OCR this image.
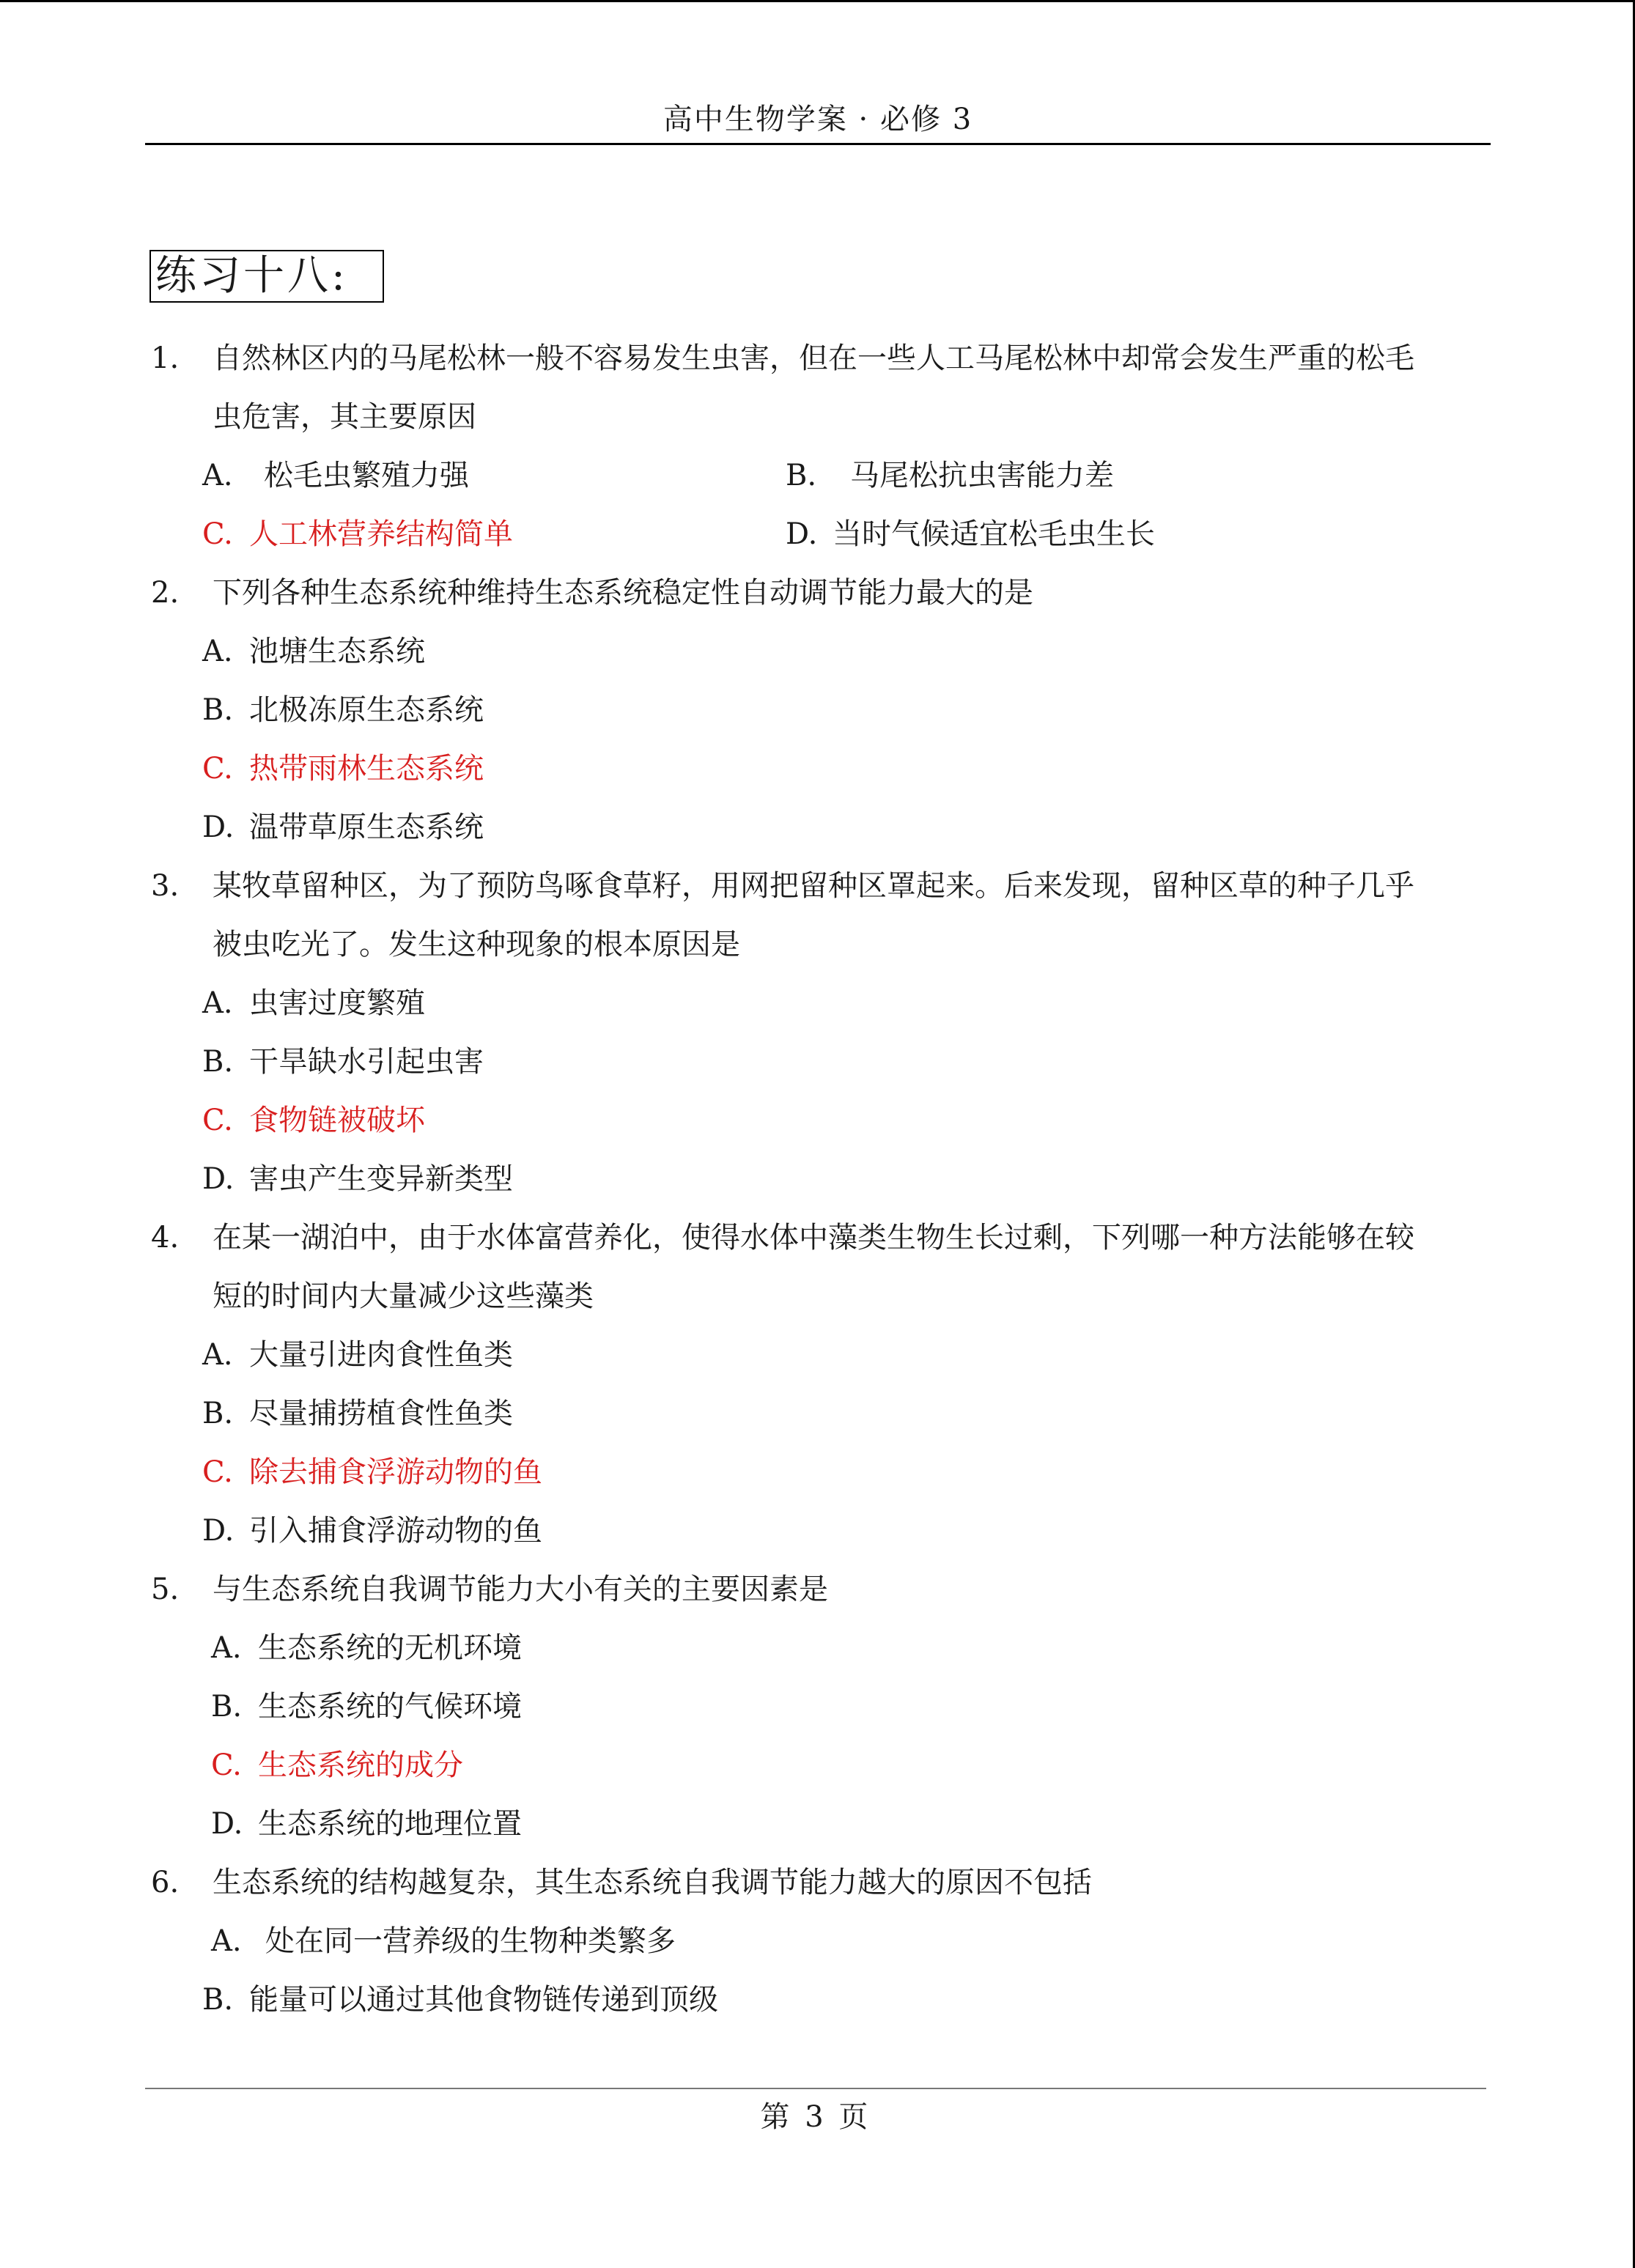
高中生物学案 · 必修 3
练习十八:
1. 自然林区内的马尾松林一般不容易发生虫害，但在一些人工马尾松林中却常会发生严重的松毛
虫危害，其主要原因
A. 松毛虫繁殖力强	B. 马尾松抗虫害能力差
C. 人工林营养结构简单	D. 当时气候适宜松毛虫生长
2. 下列各种生态系统种维持生态系统稳定性自动调节能力最大的是
A. 池塘生态系统
B. 北极冻原生态系统
C. 热带雨林生态系统
D. 温带草原生态系统
3. 某牧草留种区，为了预防鸟啄食草籽，用网把留种区罩起来。后来发现，留种区草的种子几乎
被虫吃光了。发生这种现象的根本原因是
A. 虫害过度繁殖
B. 干旱缺水引起虫害
C. 食物链被破坏
D. 害虫产生变异新类型
4. 在某一湖泊中，由于水体富营养化，使得水体中藻类生物生长过剩，下列哪一种方法能够在较
短的时间内大量减少这些藻类
A. 大量引进肉食性鱼类
B. 尽量捕捞植食性鱼类
C. 除去捕食浮游动物的鱼
D. 引入捕食浮游动物的鱼
5. 与生态系统自我调节能力大小有关的主要因素是
A. 生态系统的无机环境
B. 生态系统的气候环境
C. 生态系统的成分
D. 生态系统的地理位置
6. 生态系统的结构越复杂，其生态系统自我调节能力越大的原因不包括
A. 处在同一营养级的生物种类繁多
B. 能量可以通过其他食物链传递到顶级
第 3 页
